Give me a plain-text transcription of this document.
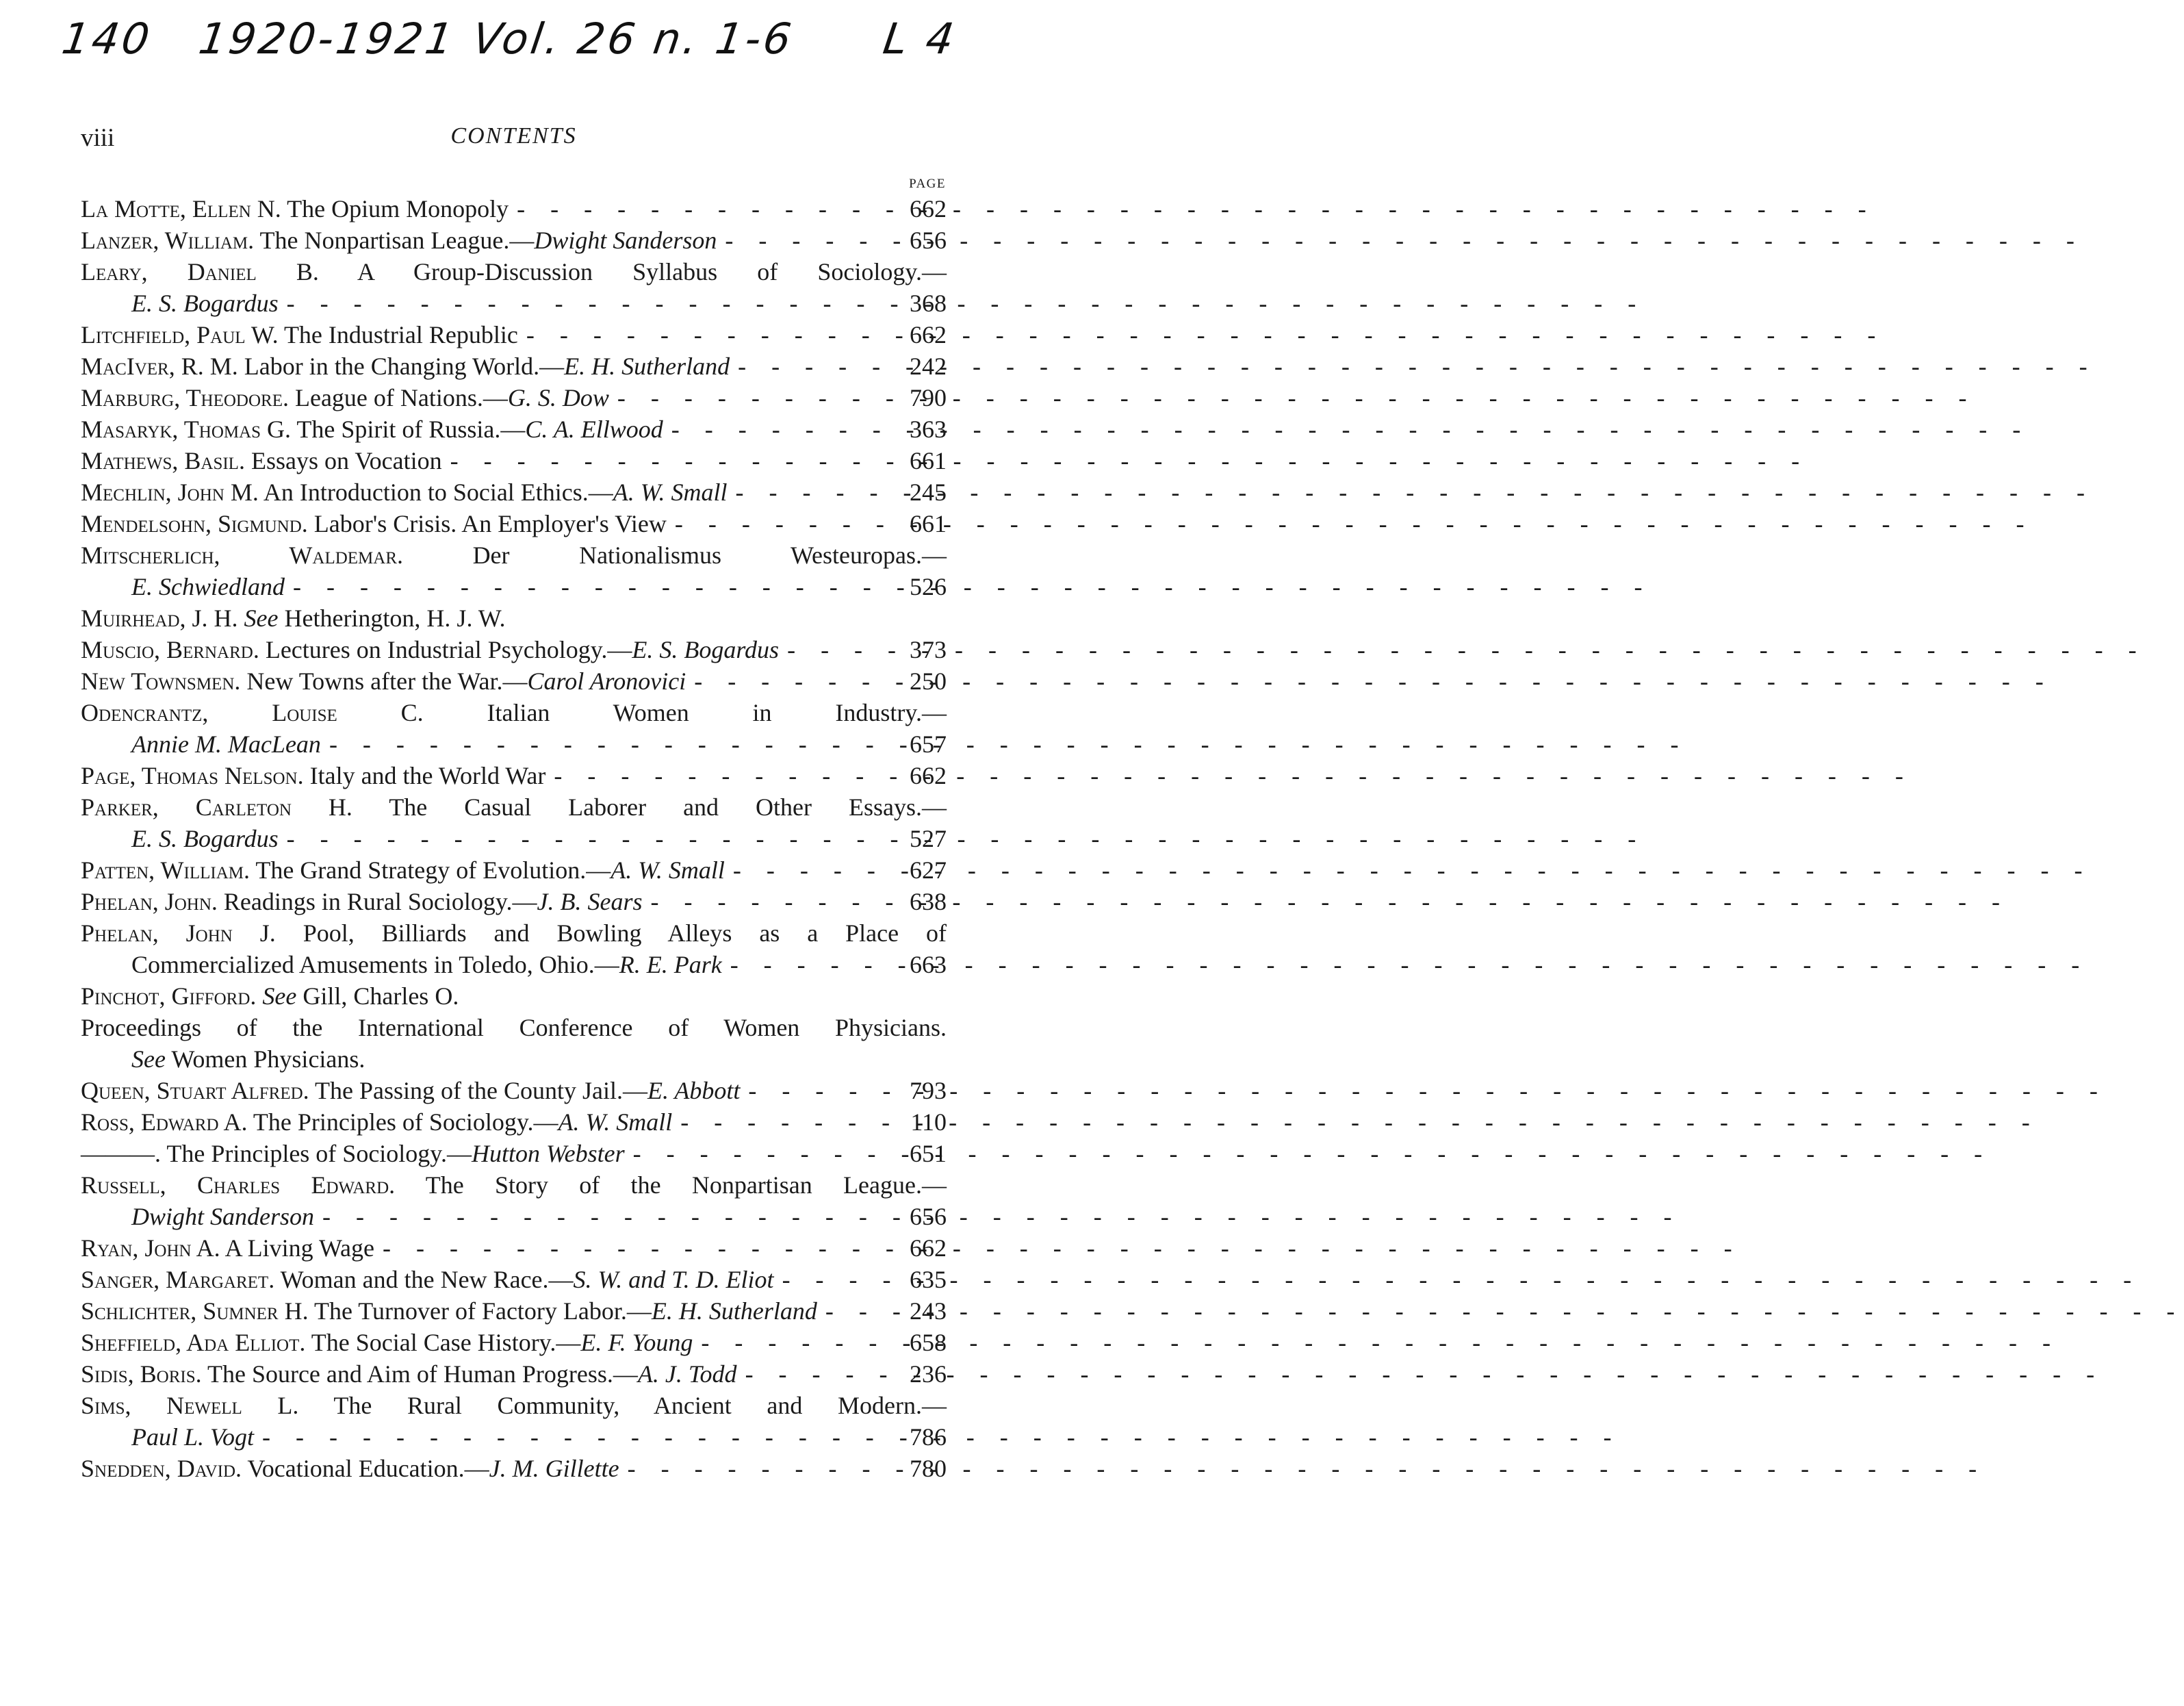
140 1920-1921 Vol. 26 n. 1-6 L 4
viii	CONTENTS
PAGE
La Motte, Ellen N. The Opium Monopoly - - -	662
Lanzer, William. The Nonpartisan League.—Dwight Sanderson - - -	656
Leary, Daniel B. A Group-Discussion Syllabus of Sociology.—
E. S. Bogardus - - -	368
Litchfield, Paul W. The Industrial Republic - - -	662
MacIver, R. M. Labor in the Changing World.—E. H. Sutherland - - -	242
Marburg, Theodore. League of Nations.—G. S. Dow - - -	790
Masaryk, Thomas G. The Spirit of Russia.—C. A. Ellwood - - -	363
Mathews, Basil. Essays on Vocation - - -	661
Mechlin, John M. An Introduction to Social Ethics.—A. W. Small - - -	245
Mendelsohn, Sigmund. Labor's Crisis. An Employer's View - - -	661
Mitscherlich, Waldemar.	Der Nationalismus Westeuropas.—
E. Schwiedland - - -	526
Muirhead, J. H. See Hetherington, H. J. W.
Muscio, Bernard. Lectures on Industrial Psychology.—E. S. Bogardus - - -	373
New Townsmen. New Towns after the War.—Carol Aronovici - - -	250
Odencrantz, Louise C.	Italian Women in Industry.—
Annie M. MacLean - - -	657
Page, Thomas Nelson. Italy and the World War - - -	662
Parker, Carleton H. The Casual Laborer and Other Essays.—
E. S. Bogardus - - -	527
Patten, William. The Grand Strategy of Evolution.—A. W. Small - - -	627
Phelan, John. Readings in Rural Sociology.—J. B. Sears - - -	638
Phelan, John J. Pool, Billiards and Bowling Alleys as a Place of
Commercialized Amusements in Toledo, Ohio.—R. E. Park - - -	663
Pinchot, Gifford. See Gill, Charles O.
Proceedings of the International Conference of Women Physicians.
See Women Physicians.
Queen, Stuart Alfred. The Passing of the County Jail.—E. Abbott - - -	793
Ross, Edward A. The Principles of Sociology.—A. W. Small - - -	110
———. The Principles of Sociology.—Hutton Webster - - -	651
Russell, Charles Edward. The Story of the Nonpartisan League.—
Dwight Sanderson - - -	656
Ryan, John A. A Living Wage - - -	662
Sanger, Margaret. Woman and the New Race.—S. W. and T. D. Eliot - - -	635
Schlichter, Sumner H. The Turnover of Factory Labor.—E. H. Sutherland - - -	243
Sheffield, Ada Elliot. The Social Case History.—E. F. Young - - -	658
Sidis, Boris. The Source and Aim of Human Progress.—A. J. Todd - - -	236
Sims, Newell L. The Rural Community, Ancient and Modern.—
Paul L. Vogt - - -	786
Snedden, David. Vocational Education.—J. M. Gillette - - -	780
